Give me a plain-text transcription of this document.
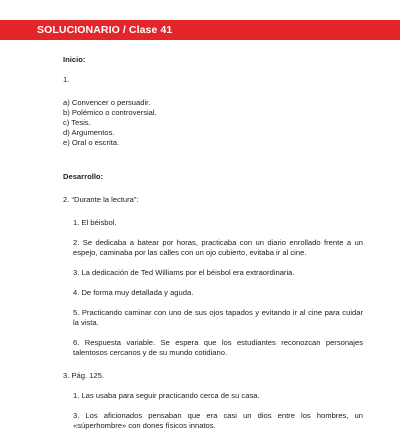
SOLUCIONARIO / Clase 41

Inicio:

1.

a) Convencer o persuadir.

b) Polémico o controversial.

c) Tesis.

d) Argumentos.

e) Oral o escrita.

Desarrollo:

2. “Durante la lectura”:

1. El béisbol.

2. Se dedicaba a batear por horas, practicaba con un diario enrollado frente a un espejo, caminaba por las calles con un ojo cubierto, evitaba ir al cine.

3. La dedicación de Ted Williams por el béisbol era extraordinaria.

4. De forma muy detallada y aguda.

5. Practicando caminar con uno de sus ojos tapados y evitando ir al cine para cuidar la vista.

6. Respuesta variable. Se espera que los estudiantes reconozcan personajes talentosos cercanos y de su mundo cotidiano.

3. Pág. 125.

1. Las usaba para seguir practicando cerca de su casa.

3. Los aficionados pensaban que era casi un dios entre los hombres, un «súperhombre» con dones físicos innatos.
